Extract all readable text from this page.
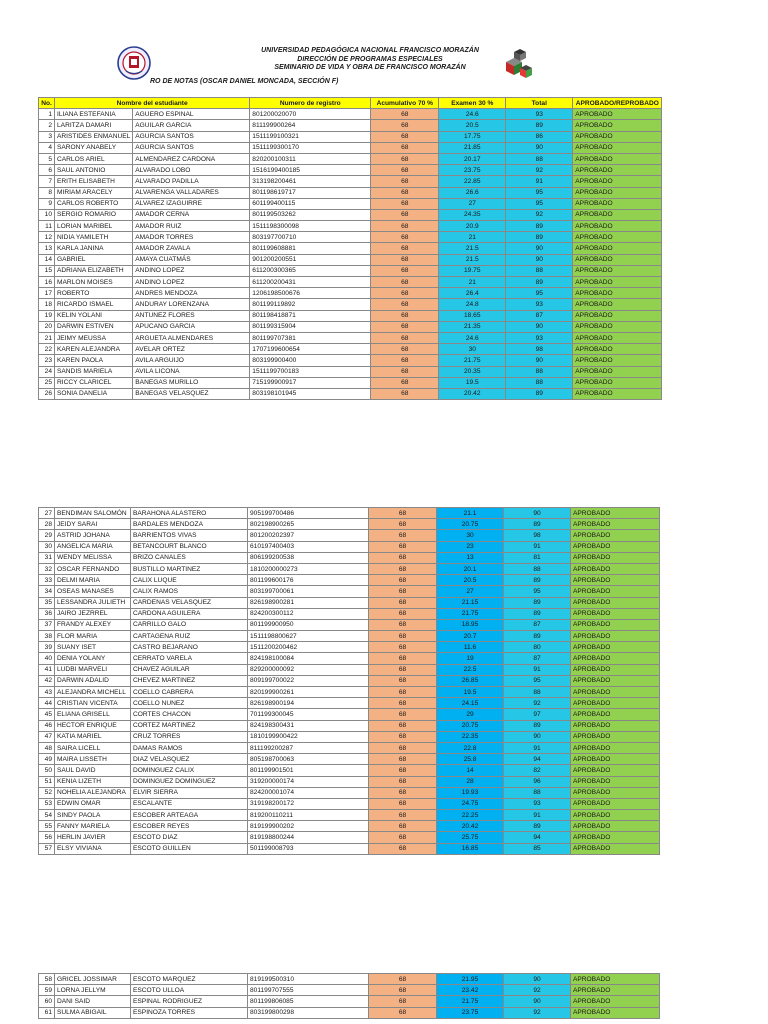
UNIVERSIDAD PEDAGÓGICA NACIONAL FRANCISCO MORAZÁN
DIRECCIÓN DE PROGRAMAS ESPECIALES
SEMINARIO DE VIDA Y OBRA DE FRANCISCO MORAZÁN
RO DE NOTAS (OSCAR DANIEL MONCADA, SECCIÓN F)
No.	Nombre del estudiante		Numero de registro	Acumulativo 70 %	Examen 30 %	Total	APROBADO/REPROBADO
1	ILIANA ESTEFANIA	AGUERO ESPINAL	801200020070	68	24.6	93	APROBADO
2	LARITZA DAMARI	AGUILAR GARCIA	811199900264	68	20.5	89	APROBADO
3	ARISTIDES ENMANUEL	AGURCIA SANTOS	1511199100321	68	17.75	86	APROBADO
4	SARONY ANABELY	AGURCIA SANTOS	1511199300170	68	21.85	90	APROBADO
5	CARLOS ARIEL	ALMENDAREZ CARDONA	820200100311	68	20.17	88	APROBADO
6	SAUL ANTONIO	ALVARADO LOBO	1516199400185	68	23.75	92	APROBADO
7	ERITH ELISABETH	ALVARADO PADILLA	313198200461	68	22.85	91	APROBADO
8	MIRIAM ARACELY	ALVARENGA VALLADARES	801198619717	68	26.6	95	APROBADO
9	CARLOS ROBERTO	ALVAREZ IZAGUIRRE	601199400115	68	27	95	APROBADO
10	SERGIO ROMARIO	AMADOR CERNA	801199503262	68	24.35	92	APROBADO
11	LORIAN MARIBEL	AMADOR RUIZ	1511198300098	68	20.9	89	APROBADO
12	NIDIA YAMILETH	AMADOR TORRES	803197700710	68	21	89	APROBADO
13	KARLA JANINA	AMADOR ZAVALA	801199608881	68	21.5	90	APROBADO
14	GABRIEL	AMAYA CUATMÁS	901200200551	68	21.5	90	APROBADO
15	ADRIANA ELIZABETH	ANDINO LOPEZ	611200300365	68	19.75	88	APROBADO
16	MARLON MOISES	ANDINO LOPEZ	611200200431	68	21	89	APROBADO
17	ROBERTO	ANDRES MENDOZA	1206198500676	68	26.4	95	APROBADO
18	RICARDO ISMAEL	ANDURAY LORENZANA	801199119892	68	24.8	93	APROBADO
19	KELIN YOLANI	ANTUNEZ FLORES	801198418871	68	18.65	87	APROBADO
20	DARWIN ESTIVEN	APUCANO GARCIA	801199315904	68	21.35	90	APROBADO
21	JEIMY MEUSSA	ARGUETA ALMENDARES	801199707381	68	24.6	93	APROBADO
22	KAREN ALEJANDRA	AVELAR ORTEZ	1707199600654	68	30	98	APROBADO
23	KAREN PAOLA	AVILA ARGUIJO	803199900400	68	21.75	90	APROBADO
24	SANDIS MARIELA	AVILA LICONA	1511199700183	68	20.35	88	APROBADO
25	RICCY CLARICEL	BANEGAS MURILLO	715199900917	68	19.5	88	APROBADO
26	SONIA DANELIA	BANEGAS VELASQUEZ	803198101945	68	20.42	89	APROBADO
27	BENDIMAN SALOMÓN	BARAHONA ALASTERO	905199700486	68	21.1	90	APROBADO
28	JEIDY SARAI	BARDALES MENDOZA	802198900265	68	20.75	89	APROBADO
29	ASTRID JOHANA	BARRIENTOS VIVAS	801200202397	68	30	98	APROBADO
30	ANGELICA MARIA	BETANCOURT BLANCO	610197400403	68	23	91	APROBADO
31	WENDY MELISSA	BRIZO CANALES	806199200538	68	13	81	APROBADO
32	OSCAR FERNANDO	BUSTILLO MARTINEZ	1810200000273	68	20.1	88	APROBADO
33	DELMI MARIA	CALIX LUQUE	801199600176	68	20.5	89	APROBADO
34	OSEAS MANASES	CALIX RAMOS	803199700061	68	27	95	APROBADO
35	LESSANDRA JULIETH	CARDENAS VELASQUEZ	826198900281	68	21.15	89	APROBADO
36	JAIRO JEZRREL	CARDONA AGUILERA	824200300112	68	21.75	89	APROBADO
37	FRANDY ALEXEY	CARRILLO GALO	801199900950	68	18.95	87	APROBADO
38	FLOR MARIA	CARTAGENA RUIZ	1511198800627	68	20.7	89	APROBADO
39	SUANY ISET	CASTRO BEJARANO	1511200200462	68	11.6	80	APROBADO
40	DENIA YOLANY	CERRATO VARELA	824198100084	68	19	87	APROBADO
41	LUDBI MARVELI	CHAVEZ AGUILAR	829200000092	68	22.5	91	APROBADO
42	DARWIN ADALID	CHEVEZ MARTINEZ	809199700022	68	26.85	95	APROBADO
43	ALEJANDRA MICHELL	COELLO CABRERA	820199900261	68	19.5	88	APROBADO
44	CRISTIAN VICENTA	COELLO NUNEZ	826198900194	68	24.15	92	APROBADO
45	ELIANA GRISELL	CORTES CHACON	701199300045	68	29	97	APROBADO
46	HECTOR ENRIQUE	CORTEZ MARTINEZ	824198300431	68	20.75	89	APROBADO
47	KATIA MARIEL	CRUZ TORRES	1810199900422	68	22.35	90	APROBADO
48	SAIRA LICELL	DAMAS RAMOS	811199200287	68	22.8	91	APROBADO
49	MAIRA LISSETH	DIAZ VELASQUEZ	805198700063	68	25.8	94	APROBADO
50	SAUL DAVID	DOMINGUEZ CALIX	801199901501	68	14	82	APROBADO
51	KENIA LIZETH	DOMINGUEZ DOMINGUEZ	319200000174	68	28	96	APROBADO
52	NOHELIA ALEJANDRA	ELVIR SIERRA	824200001074	68	19.93	88	APROBADO
53	EDWIN OMAR	ESCALANTE	319198200172	68	24.75	93	APROBADO
54	SINDY PAOLA	ESCOBER ARTEAGA	819200110211	68	22.25	91	APROBADO
55	FANNY MARIELA	ESCOBER REYES	819199900202	68	20.42	89	APROBADO
56	HERLIN JAVIER	ESCOTO DIAZ	819198800244	68	25.75	94	APROBADO
57	ELSY VIVIANA	ESCOTO GUILLEN	501199008793	68	16.85	85	APROBADO
58	GRICEL JOSSIMAR	ESCOTO MARQUEZ	819199500310	68	21.95	90	APROBADO
59	LORNA JELLYM	ESCOTO ULLOA	801199707555	68	23.42	92	APROBADO
60	DANI SAID	ESPINAL RODRIGUEZ	801199806085	68	21.75	90	APROBADO
61	SULMA ABIGAIL	ESPINOZA TORRES	803199800298	68	23.75	92	APROBADO
